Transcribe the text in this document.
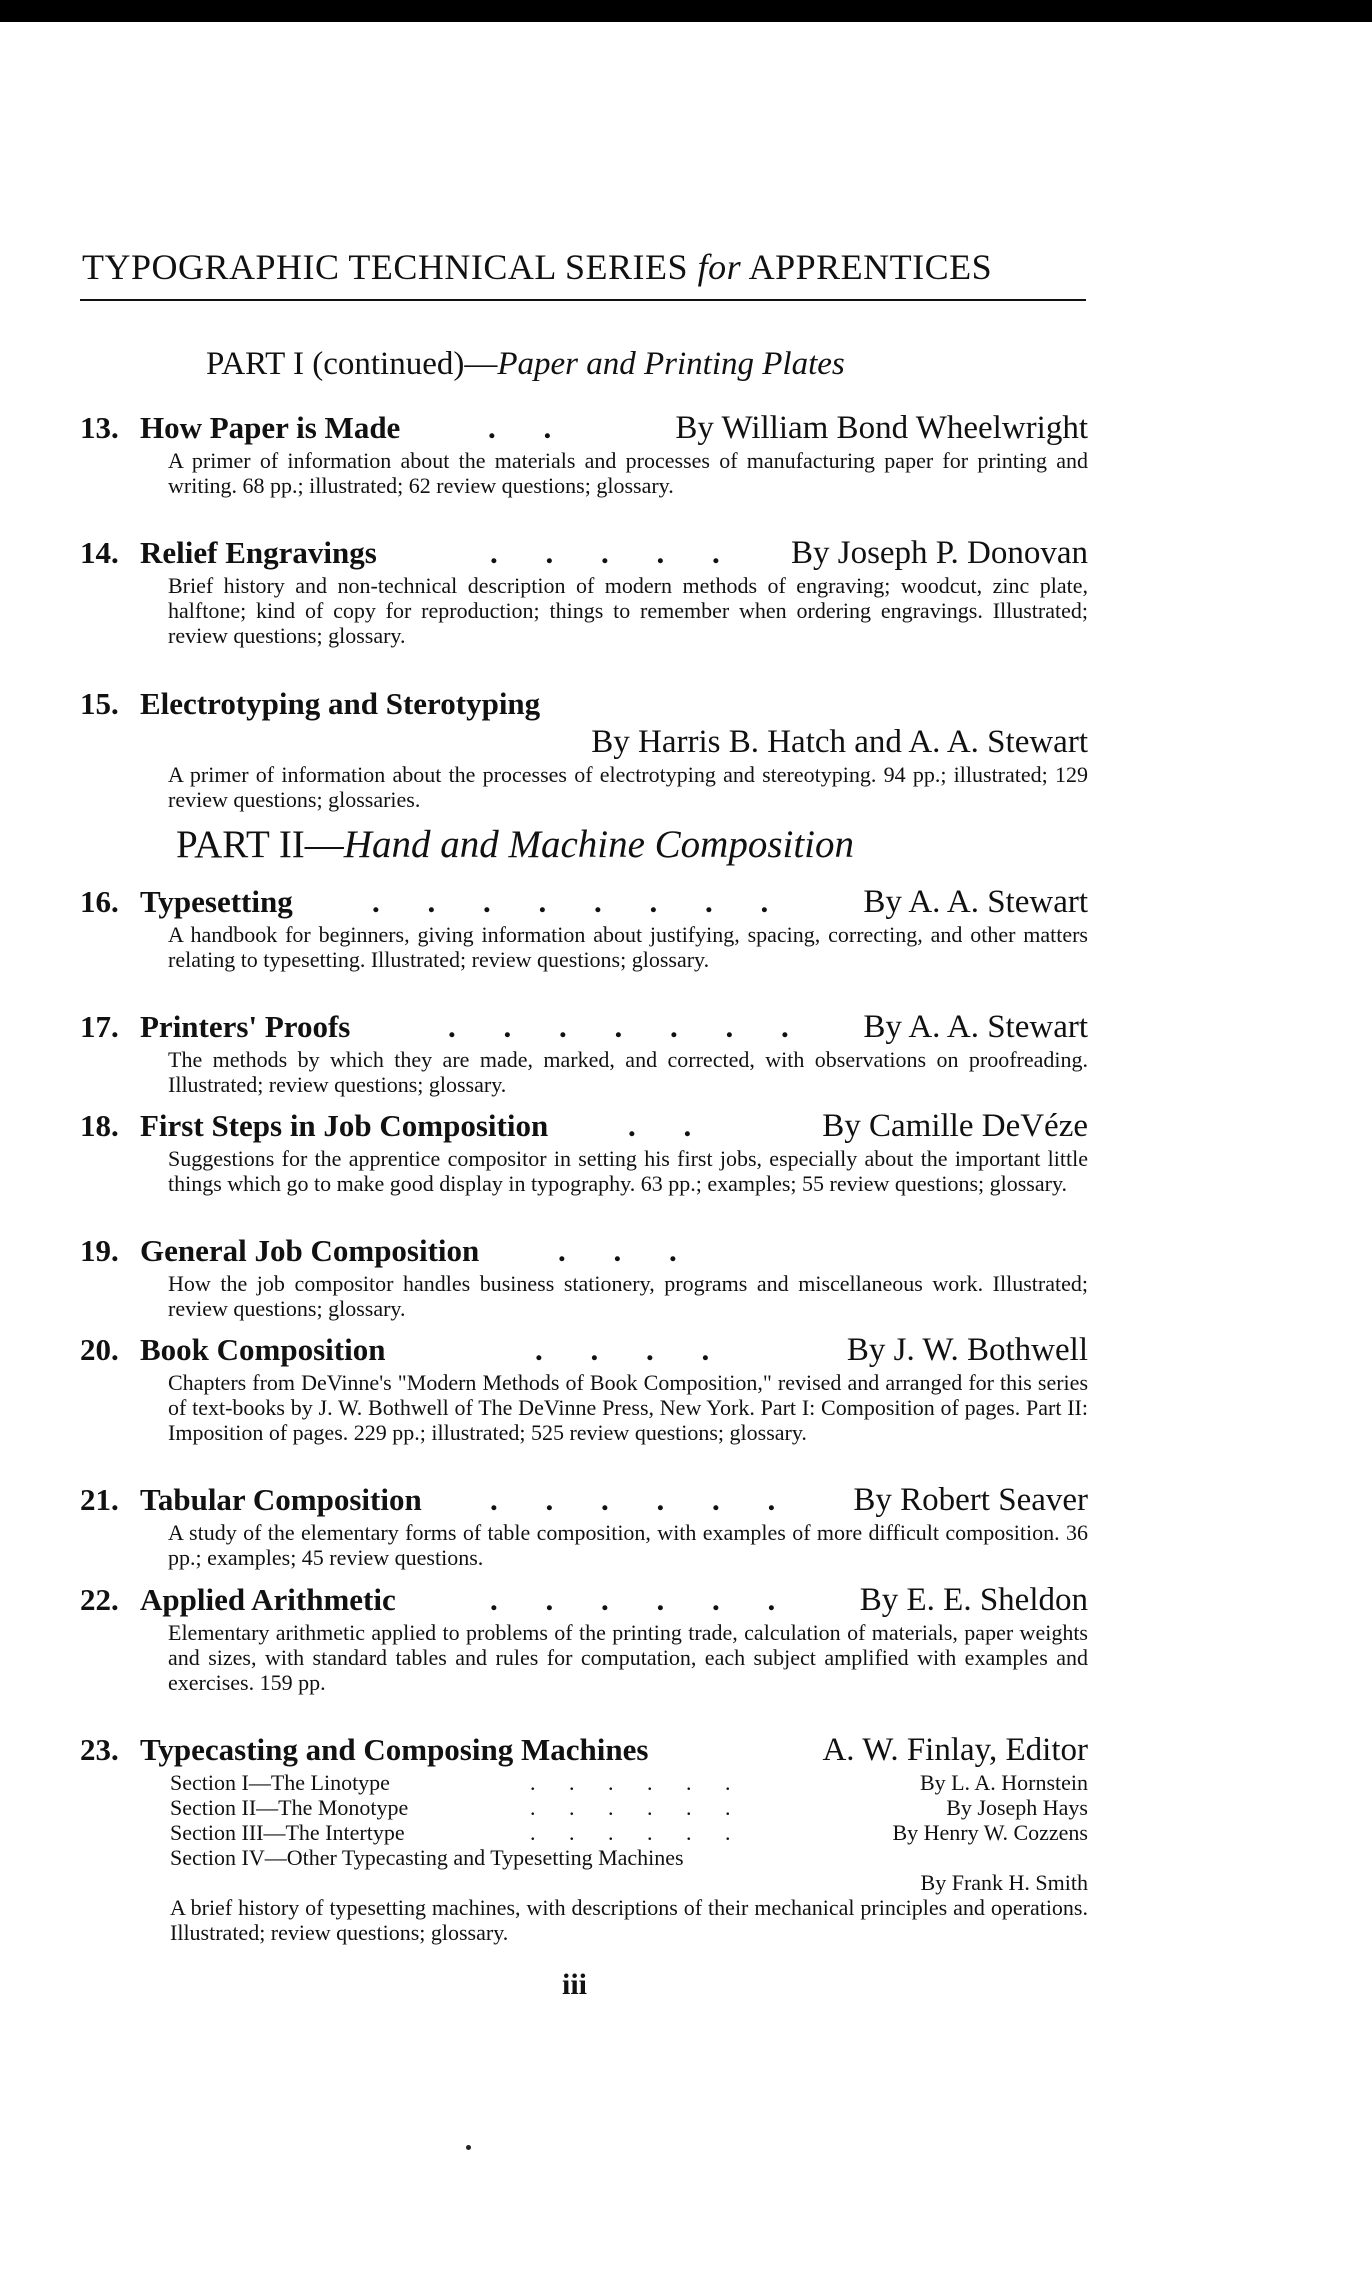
TYPOGRAPHIC TECHNICAL SERIES for APPRENTICES
PART I (continued)—Paper and Printing Plates
13. How Paper is Made	. .	By William Bond Wheelwright
A primer of information about the materials and processes of manufacturing paper for printing and writing. 68 pp.; illustrated; 62 review questions; glossary.
14. Relief Engravings	. . . . . By Joseph P. Donovan
Brief history and non-technical description of modern methods of engraving; woodcut, zinc plate, halftone; kind of copy for reproduction; things to remember when ordering engravings. Illustrated; review questions; glossary.
15. Electrotyping and Sterotyping
By Harris B. Hatch and A. A. Stewart
A primer of information about the processes of electrotyping and stereotyping. 94 pp.; illustrated; 129 review questions; glossaries.
PART II—Hand and Machine Composition
16. Typesetting	. . . . . . . . By A. A. Stewart
A handbook for beginners, giving information about justifying, spacing, correcting, and other matters relating to typesetting. Illustrated; review questions; glossary.
17. Printers' Proofs	. . . . . . . By A. A. Stewart
The methods by which they are made, marked, and corrected, with observations on proofreading. Illustrated; review questions; glossary.
18. First Steps in Job Composition	. .	By Camille DeVéze
Suggestions for the apprentice compositor in setting his first jobs, especially about the important little things which go to make good display in typography. 63 pp.; examples; 55 review questions; glossary.
19. General Job Composition	. . .
How the job compositor handles business stationery, programs and miscellaneous work. Illustrated; review questions; glossary.
20. Book Composition	. . . .	By J. W. Bothwell
Chapters from DeVinne's "Modern Methods of Book Composition," revised and arranged for this series of text-books by J. W. Bothwell of The DeVinne Press, New York. Part I: Composition of pages. Part II: Imposition of pages. 229 pp.; illustrated; 525 review questions; glossary.
21. Tabular Composition . . . . . . By Robert Seaver
A study of the elementary forms of table composition, with examples of more difficult composition. 36 pp.; examples; 45 review questions.
22. Applied Arithmetic	. . . . . . By E. E. Sheldon
Elementary arithmetic applied to problems of the printing trade, calculation of materials, paper weights and sizes, with standard tables and rules for computation, each subject amplified with examples and exercises. 159 pp.
23. Typecasting and Composing Machines	A. W. Finlay, Editor
Section I—The Linotype	. . . . . .	By L. A. Hornstein
Section II—The Monotype	. . . . . .	By Joseph Hays
Section III—The Intertype	. . . . . .	By Henry W. Cozzens
Section IV—Other Typecasting and Typesetting Machines
By Frank H. Smith
A brief history of typesetting machines, with descriptions of their mechanical principles and operations. Illustrated; review questions; glossary.
iii
